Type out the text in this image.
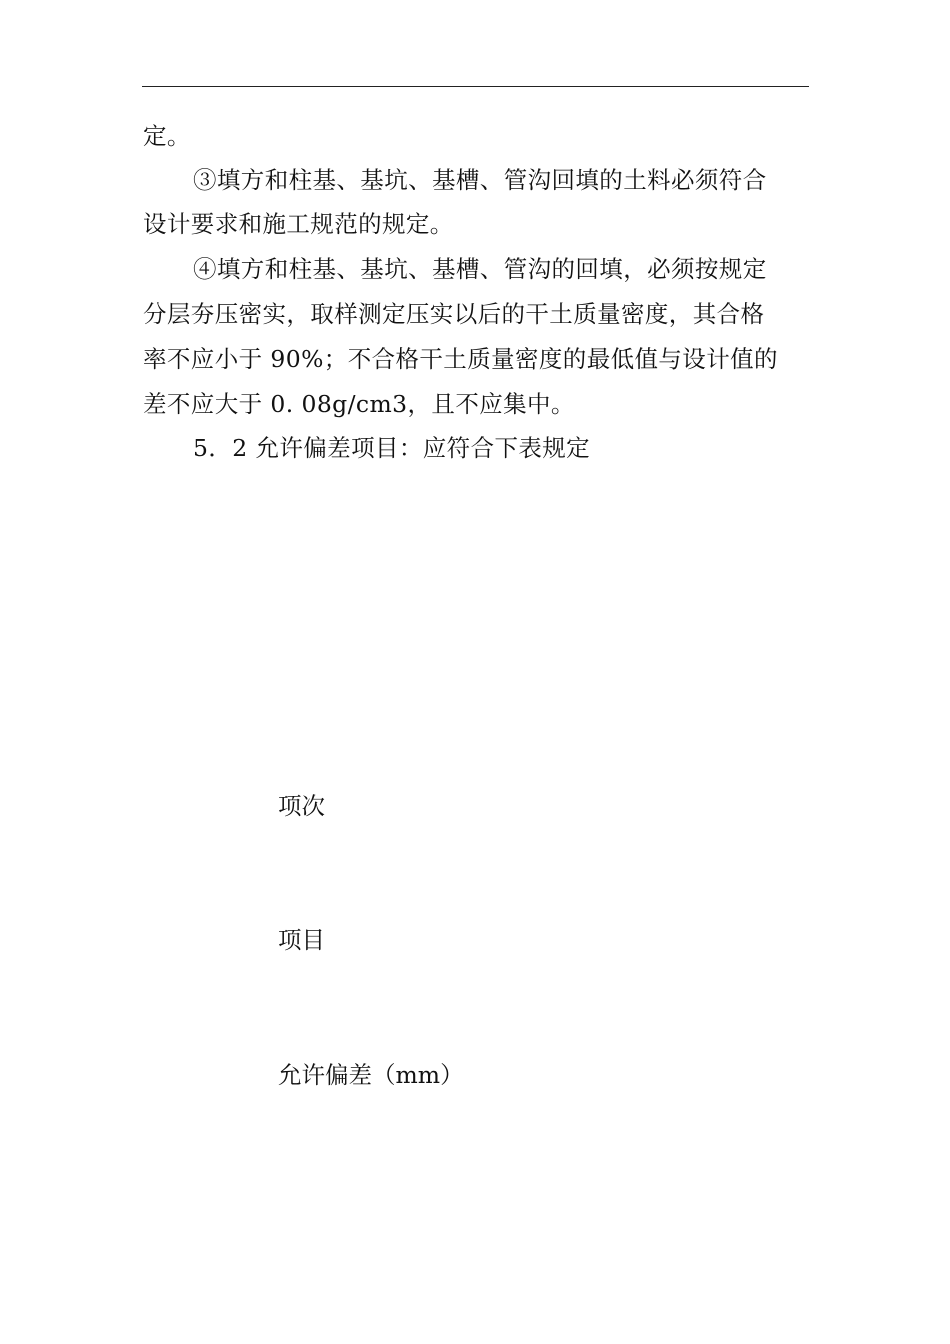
定。
③填方和柱基、基坑、基槽、管沟回填的土料必须符合
设计要求和施工规范的规定。
④填方和柱基、基坑、基槽、管沟的回填，必须按规定
分层夯压密实，取样测定压实以后的干土质量密度，其合格
率不应小于 90%；不合格干土质量密度的最低值与设计值的
差不应大于 0. 08g/cm3，且不应集中。
5．2 允许偏差项目：应符合下表规定
项次
项目
允许偏差（mm）
